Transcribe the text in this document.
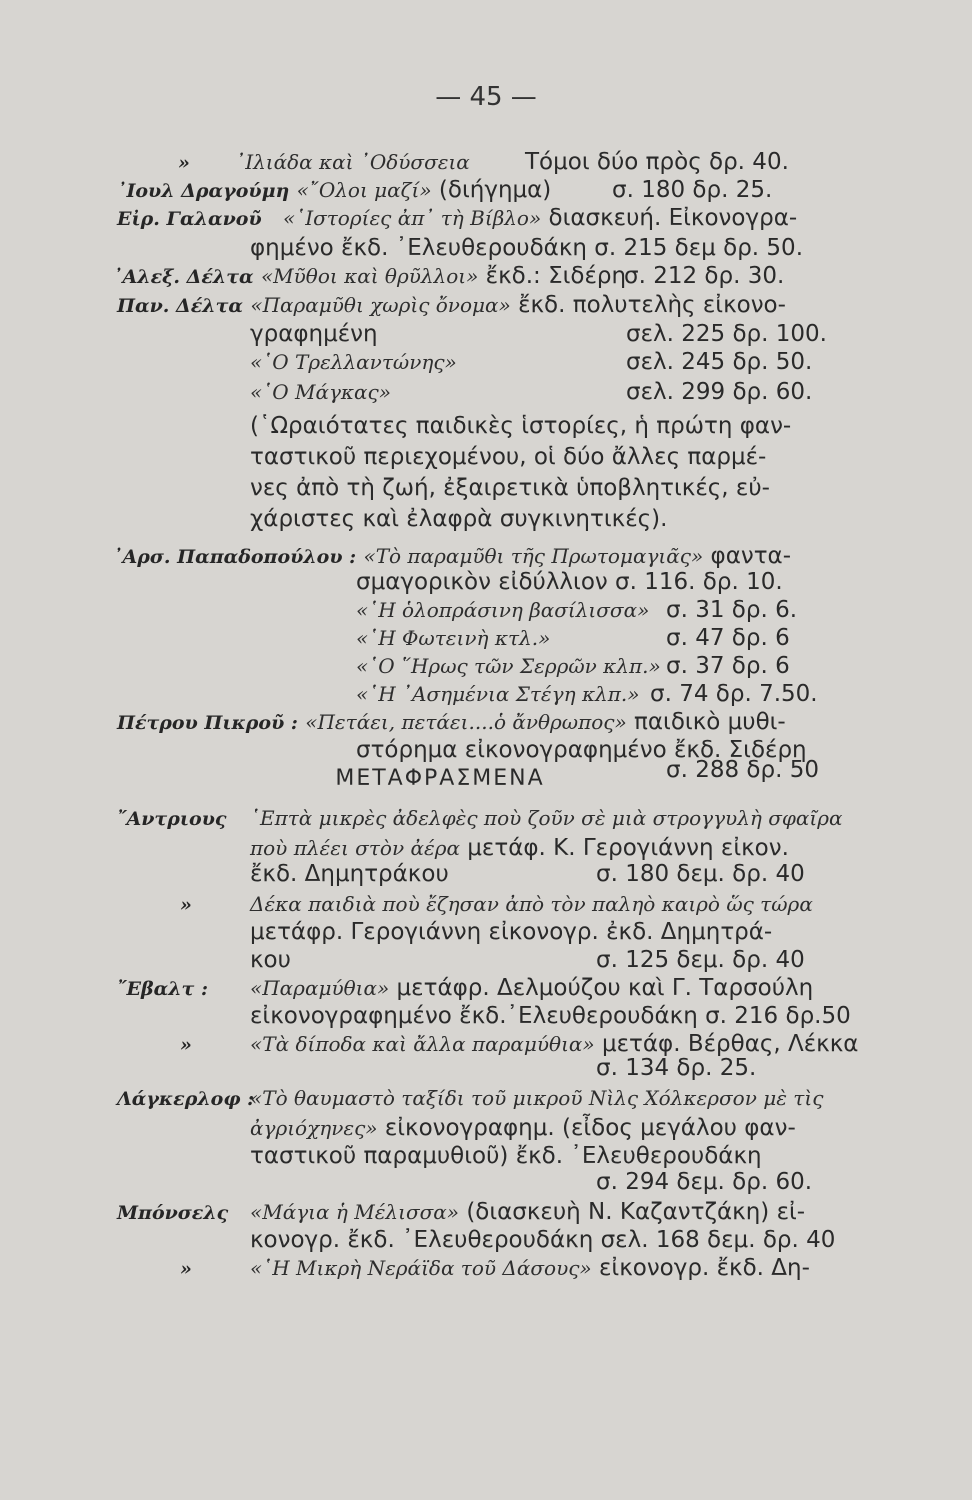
— 45 —
» ᾿Ιλιάδα καὶ ᾿Οδύσσεια Τόμοι δύο πρὸς δρ. 40.
᾿Ιουλ Δραγούμη «῎Ολοι μαζί» (διήγημα)	σ. 180 δρ. 25.
Εἰρ. Γαλανοῦ «῾Ιστορίες ἀπ᾿ τὴ Βίβλο» διασκευή. Εἰκονογρα-
φημένο ἔκδ. ᾿Ελευθερουδάκη σ. 215 δεμ δρ. 50.
᾿Αλεξ. Δέλτα «Μῦθοι καὶ θρῦλλοι» ἔκδ.: Σιδέρη
σ. 212 δρ. 30.
Παν. Δέλτα «Παραμῦθι χωρὶς ὄνομα» ἔκδ. πολυτελὴς εἰκονο-
γραφημένη	σελ. 225 δρ. 100.
«῾Ο Τρελλαντώνης»	σελ. 245 δρ. 50.
«῾Ο Μάγκας»	σελ. 299 δρ. 60.
(῾Ωραιότατες παιδικὲς ἱστορίες, ἡ πρώτη φαν-
ταστικοῦ περιεχομένου, οἱ δύο ἄλλες παρμέ-
νες ἀπὸ τὴ ζωή, ἐξαιρετικὰ ὑποβλητικές, εὐ-
χάριστες καὶ ἐλαφρὰ συγκινητικές).
᾿Αρσ. Παπαδοπούλου : «Τὸ παραμῦθι τῆς Πρωτομαγιᾶς» φαντα-
σμαγορικὸν εἰδύλλιον σ. 116. δρ. 10.
«῾Η ὁλοπράσινη βασίλισσα» σ. 31 δρ. 6.
«῾Η Φωτεινὴ κτλ.»	σ. 47 δρ. 6
«῾Ο ῞Ηρως τῶν Σερρῶν κλπ.» σ. 37 δρ. 6
«῾Η ᾿Ασημένια Στέγη κλπ.» σ. 74 δρ. 7.50.
Πέτρου Πικροῦ : «Πετάει, πετάει....ὁ ἄνθρωπος» παιδικὸ μυθι-
στόρημα εἰκονογραφημένο ἔκδ. Σιδέρη
σ. 288 δρ. 50
ΜΕΤΑΦΡΑΣΜΕΝΑ
῎Αντριους ῾Επτὰ μικρὲς ἀδελφὲς ποὺ ζοῦν σὲ μιὰ στρογγυλὴ σφαῖρα
ποὺ πλέει στὸν ἀέρα μετάφ. Κ. Γερογιάννη εἰκον.
ἔκδ. Δημητράκου	σ. 180 δεμ. δρ. 40
»	Δέκα παιδιὰ ποὺ ἔζησαν ἀπὸ τὸν παληὸ καιρὸ ὥς τώρα
μετάφρ. Γερογιάννη εἰκονογρ. ἐκδ. Δημητρά-
κου	σ. 125 δεμ. δρ. 40
῎Εβαλτ : «Παραμύθια» μετάφρ. Δελμούζου καὶ Γ. Ταρσούλη
εἰκονογραφημένο ἔκδ.᾿Ελευθερουδάκη σ. 216 δρ.50
»	«Τὰ δίποδα καὶ ἄλλα παραμύθια» μετάφ. Βέρθας, Λέκκα
σ. 134 δρ. 25.
Λάγκερλοφ :
«Τὸ θαυμαστὸ ταξίδι τοῦ μικροῦ Νὶλς Χόλκερσον μὲ τὶς
ἀγριόχηνες» εἰκονογραφημ. (εἶδος μεγάλου φαν-
ταστικοῦ παραμυθιοῦ) ἔκδ. ᾿Ελευθερουδάκη
σ. 294 δεμ. δρ. 60.
Μπόνσελς «Μάγια ἡ Μέλισσα» (διασκευὴ Ν. Καζαντζάκη) εἰ-
κονογρ. ἔκδ. ᾿Ελευθερουδάκη σελ. 168 δεμ. δρ. 40
»	«῾Η Μικρὴ Νεράϊδα τοῦ Δάσους» εἰκονογρ. ἔκδ. Δη-
